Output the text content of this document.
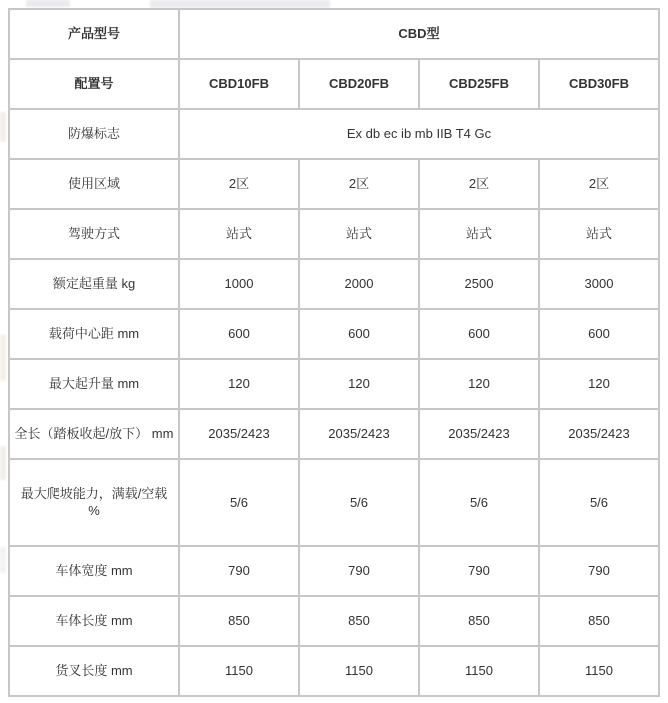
产品型号	CBD型			
配置号	CBD10FB	CBD20FB	CBD25FB	CBD30FB
防爆标志	Ex db ec ib mb IIB T4 Gc			
使用区域	2区	2区	2区	2区
驾驶方式	站式	站式	站式	站式
额定起重量 kg	1000	2000	2500	3000
载荷中心距 mm	600	600	600	600
最大起升量 mm	120	120	120	120
全长（踏板收起/放下） mm	2035/2423	2035/2423	2035/2423	2035/2423
最大爬坡能力，满载/空载 %	5/6	5/6	5/6	5/6
车体宽度 mm	790	790	790	790
车体长度 mm	850	850	850	850
货叉长度 mm	1150	1150	1150	1150
